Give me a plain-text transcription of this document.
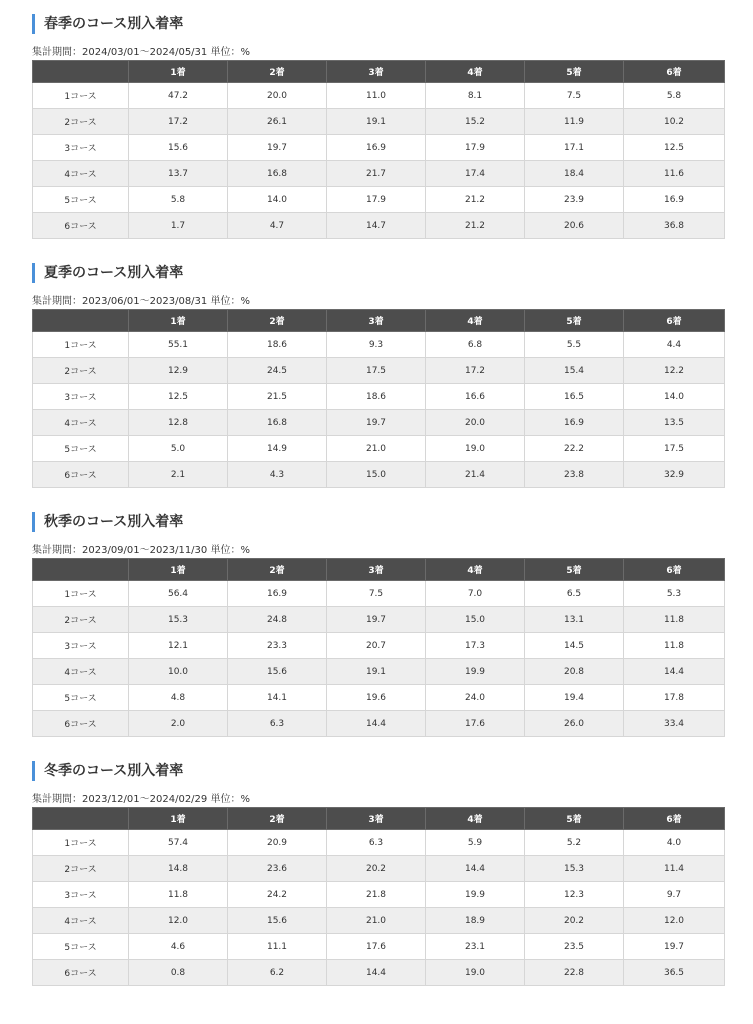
春季のコース別入着率
集計期間：2024/03/01～2024/05/31 単位：%
	1着	2着	3着	4着	5着	6着
1コース	47.2	20.0	11.0	8.1	7.5	5.8
2コース	17.2	26.1	19.1	15.2	11.9	10.2
3コース	15.6	19.7	16.9	17.9	17.1	12.5
4コース	13.7	16.8	21.7	17.4	18.4	11.6
5コース	5.8	14.0	17.9	21.2	23.9	16.9
6コース	1.7	4.7	14.7	21.2	20.6	36.8
夏季のコース別入着率
集計期間：2023/06/01～2023/08/31 単位：%
	1着	2着	3着	4着	5着	6着
1コース	55.1	18.6	9.3	6.8	5.5	4.4
2コース	12.9	24.5	17.5	17.2	15.4	12.2
3コース	12.5	21.5	18.6	16.6	16.5	14.0
4コース	12.8	16.8	19.7	20.0	16.9	13.5
5コース	5.0	14.9	21.0	19.0	22.2	17.5
6コース	2.1	4.3	15.0	21.4	23.8	32.9
秋季のコース別入着率
集計期間：2023/09/01～2023/11/30 単位：%
	1着	2着	3着	4着	5着	6着
1コース	56.4	16.9	7.5	7.0	6.5	5.3
2コース	15.3	24.8	19.7	15.0	13.1	11.8
3コース	12.1	23.3	20.7	17.3	14.5	11.8
4コース	10.0	15.6	19.1	19.9	20.8	14.4
5コース	4.8	14.1	19.6	24.0	19.4	17.8
6コース	2.0	6.3	14.4	17.6	26.0	33.4
冬季のコース別入着率
集計期間：2023/12/01～2024/02/29 単位：%
	1着	2着	3着	4着	5着	6着
1コース	57.4	20.9	6.3	5.9	5.2	4.0
2コース	14.8	23.6	20.2	14.4	15.3	11.4
3コース	11.8	24.2	21.8	19.9	12.3	9.7
4コース	12.0	15.6	21.0	18.9	20.2	12.0
5コース	4.6	11.1	17.6	23.1	23.5	19.7
6コース	0.8	6.2	14.4	19.0	22.8	36.5
